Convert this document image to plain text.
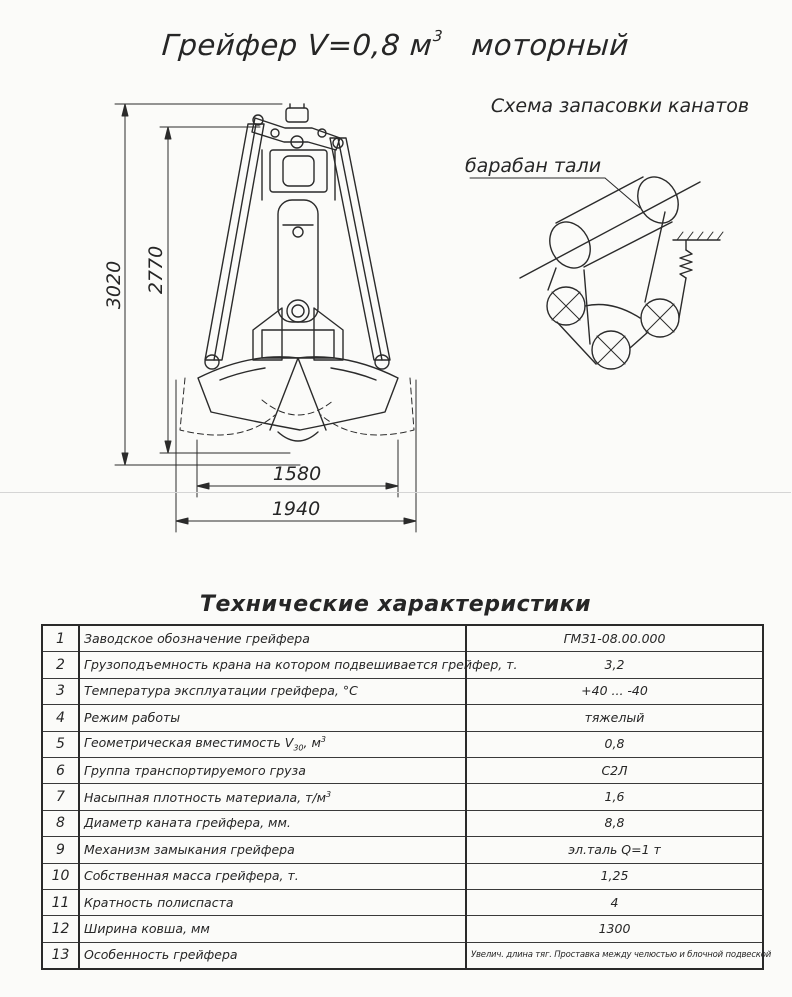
Грейфер V=0,8 $м^3$ моторный
Схема запасовки канатов
барабан тали
3020 2770
1580
1940
Технические характеристики
1	Заводское обозначение грейфера	ГМЗ1-08.00.000
2	Грузоподъемность крана на котором подвешивается грейфер, т.	3,2
3	Температура эксплуатации грейфера, °С	+40 ... -40
4	Режим работы	тяжелый
5	Геометрическая вместимость $V_{30}$, $м^3$	0,8
6	Группа транспортируемого груза	С2Л
7	Насыпная плотность материала, $т/м^3$	1,6
8	Диаметр каната грейфера, мм.	8,8
9	Механизм замыкания грейфера	эл.таль Q=1 т
10	Собственная масса грейфера, т.	1,25
11	Кратность полиспаста	4
12	Ширина ковша, мм	1300
13	Особенность грейфера	Увелич. длина тяг. Проставка между челюстью и блочной подвеской
